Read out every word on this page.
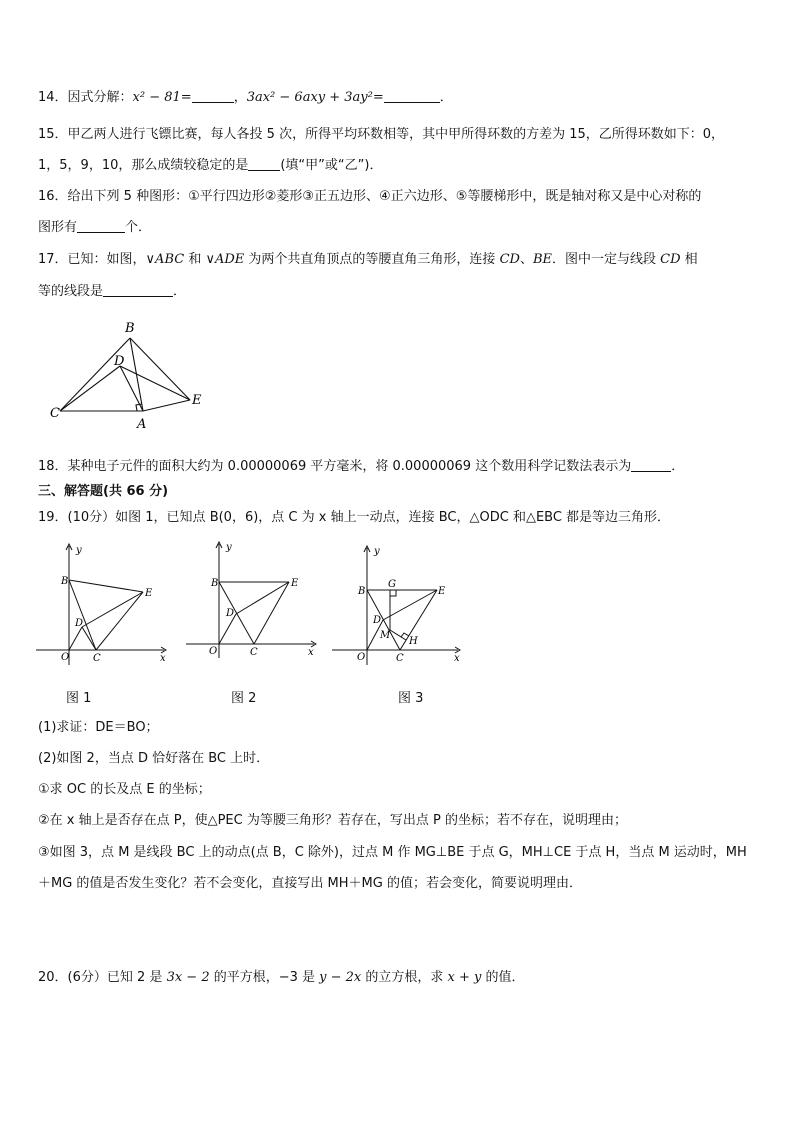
14．因式分解：x² − 81=	，3ax² − 6axy + 3ay²=	．
15．甲乙两人进行飞镖比赛，每人各投 5 次，所得平均环数相等，其中甲所得环数的方差为 15，乙所得环数如下：0，
1，5，9，10，那么成绩较稳定的是 (填“甲”或“乙”)．
16．给出下列 5 种图形：①平行四边形②菱形③正五边形、④正六边形、⑤等腰梯形中，既是轴对称又是中心对称的
图形有	个．
17．已知：如图，∨ABC 和 ∨ADE 为两个共直角顶点的等腰直角三角形，连接 CD、BE．图中一定与线段 CD 相
等的线段是	．
B
D
C
A
E
18．某种电子元件的面积大约为 0.00000069 平方毫米，将 0.00000069 这个数用科学记数法表示为	．
三、解答题(共 66 分)
19．(10分）如图 1，已知点 B(0，6)，点 C 为 x 轴上一动点，连接 BC，△ODC 和△EBC 都是等边三角形．
y
x
B
E
D
O C
图 1
y
x
B	E
D
O	C
图 2
y
x
B
G
E
D
M
H
O	C
图 3
(1)求证：DE＝BO；
(2)如图 2，当点 D 恰好落在 BC 上时．
①求 OC 的长及点 E 的坐标；
②在 x 轴上是否存在点 P，使△PEC 为等腰三角形？若存在，写出点 P 的坐标；若不存在，说明理由；
③如图 3，点 M 是线段 BC 上的动点(点 B，C 除外)，过点 M 作 MG⊥BE 于点 G，MH⊥CE 于点 H，当点 M 运动时，MH
＋MG 的值是否发生变化？若不会变化，直接写出 MH＋MG 的值；若会变化，简要说明理由．
20．(6分）已知 2 是 3x − 2 的平方根，−3 是 y − 2x 的立方根，求 x + y 的值．
